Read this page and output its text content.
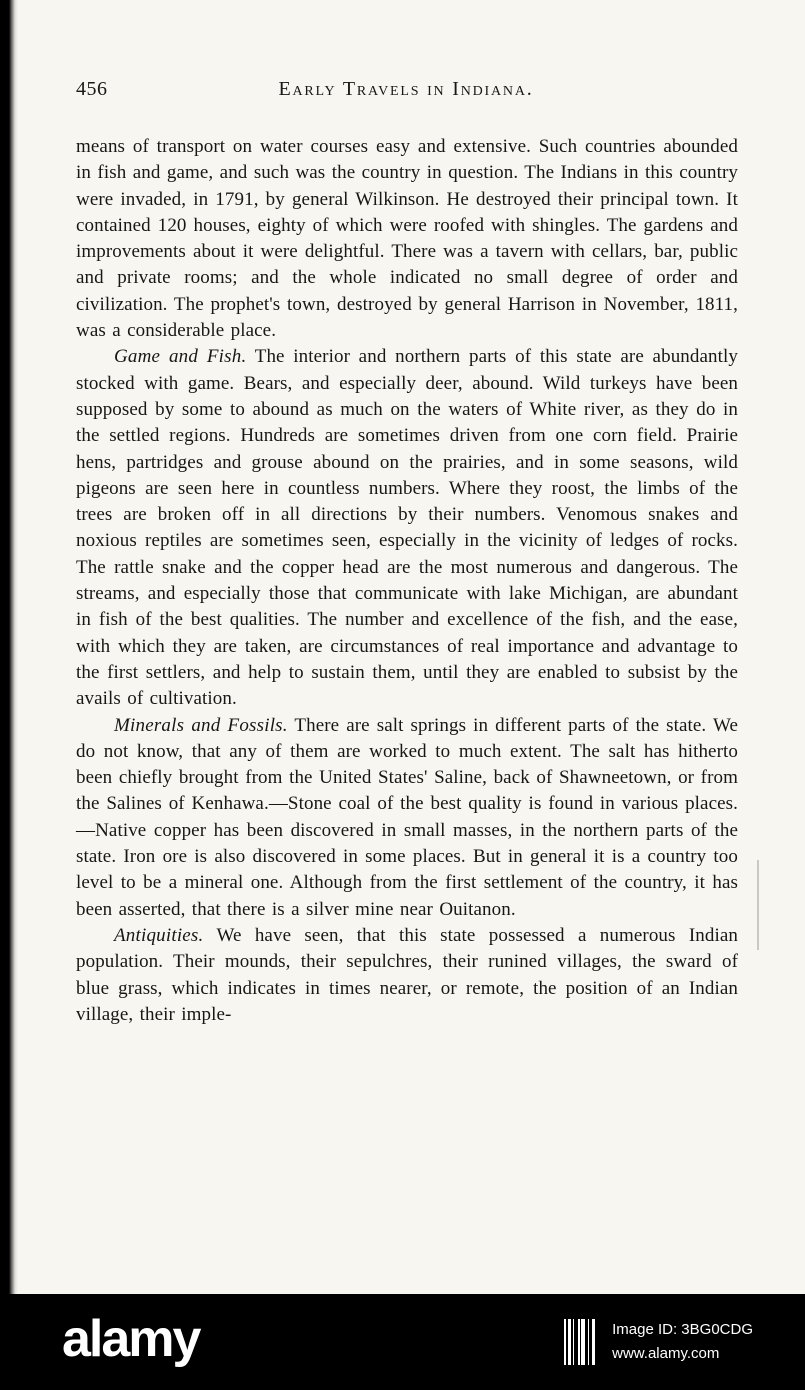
456	Early Travels in Indiana.

means of transport on water courses easy and extensive. Such countries abounded in fish and game, and such was the country in question. The Indians in this country were invaded, in 1791, by general Wilkinson. He destroyed their principal town. It contained 120 houses, eighty of which were roofed with shingles. The gardens and improvements about it were delightful. There was a tavern with cellars, bar, public and private rooms; and the whole indicated no small degree of order and civilization. The prophet's town, destroyed by general Harrison in November, 1811, was a considerable place.

Game and Fish. The interior and northern parts of this state are abundantly stocked with game. Bears, and especially deer, abound. Wild turkeys have been supposed by some to abound as much on the waters of White river, as they do in the settled regions. Hundreds are sometimes driven from one corn field. Prairie hens, partridges and grouse abound on the prairies, and in some seasons, wild pigeons are seen here in countless numbers. Where they roost, the limbs of the trees are broken off in all directions by their numbers. Venomous snakes and noxious reptiles are sometimes seen, especially in the vicinity of ledges of rocks. The rattle snake and the copper head are the most numerous and dangerous. The streams, and especially those that communicate with lake Michigan, are abundant in fish of the best qualities. The number and excellence of the fish, and the ease, with which they are taken, are circumstances of real importance and advantage to the first settlers, and help to sustain them, until they are enabled to subsist by the avails of cultivation.

Minerals and Fossils. There are salt springs in different parts of the state. We do not know, that any of them are worked to much extent. The salt has hitherto been chiefly brought from the United States' Saline, back of Shawneetown, or from the Salines of Kenhawa.—Stone coal of the best quality is found in various places.—Native copper has been discovered in small masses, in the northern parts of the state. Iron ore is also discovered in some places. But in general it is a country too level to be a mineral one. Although from the first settlement of the country, it has been asserted, that there is a silver mine near Ouitanon.

Antiquities. We have seen, that this state possessed a numerous Indian population. Their mounds, their sepulchres, their runined villages, the sward of blue grass, which indicates in times nearer, or remote, the position of an Indian village, their imple-

alamy	Image ID: 3BG0CDG
www.alamy.com
